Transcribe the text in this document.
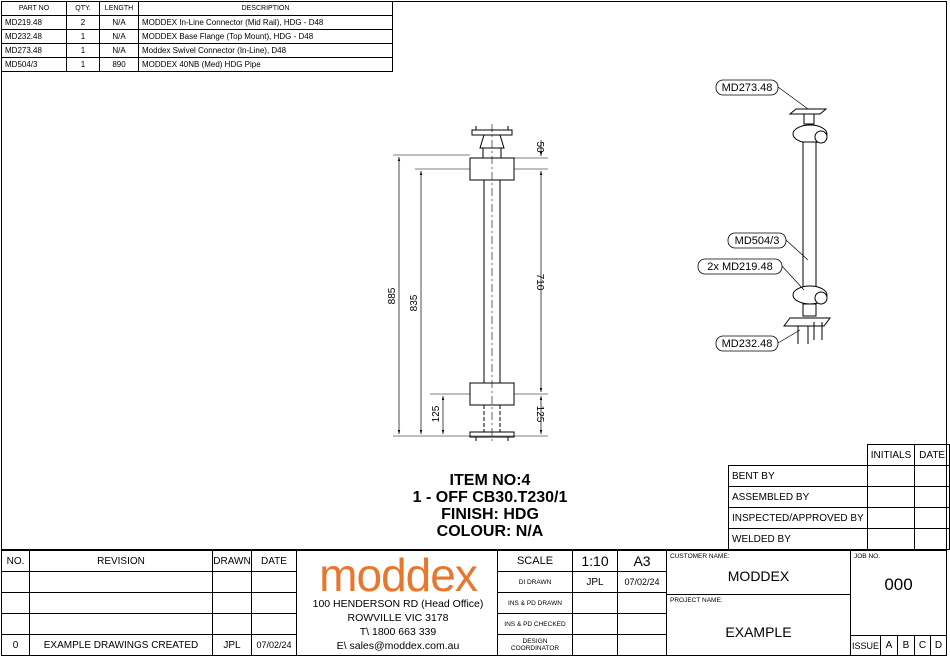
PART NO	QTY.	LENGTH	DESCRIPTION
MD219.48	2	N/A	MODDEX In-Line Connector (Mid Rail), HDG - D48
MD232.48	1	N/A	MODDEX Base Flange (Top Mount), HDG - D48
MD273.48	1	N/A	Moddex Swivel Connector (In-Line), D48
MD504/3	1	890	MODDEX 40NB (Med) HDG Pipe
885 835
125
710
125
50
MD273.48
MD504/3
2x MD219.48
MD232.48
ITEM NO:4
1 - OFF CB30.T230/1
FINISH: HDG
COLOUR: N/A
	INITIALS	DATE
BENT BY		
ASSEMBLED BY		
INSPECTED/APPROVED BY		
WELDED BY		
NO.	REVISION	DRAWN	DATE
0	EXAMPLE DRAWINGS CREATED	JPL	07/02/24
moddex
100 HENDERSON RD (Head Office)
ROWVILLE VIC 3178
T\ 1800 663 339
E\ sales@moddex.com.au
SCALE	1:10	A3
DI DRAWN	JPL	07/02/24
INS & PD DRAWN
INS & PD CHECKED
DESIGN COORDINATOR
CUSTOMER NAME:
MODDEX
PROJECT NAME:
EXAMPLE
JOB NO.
000
ISSUE A	B C D
